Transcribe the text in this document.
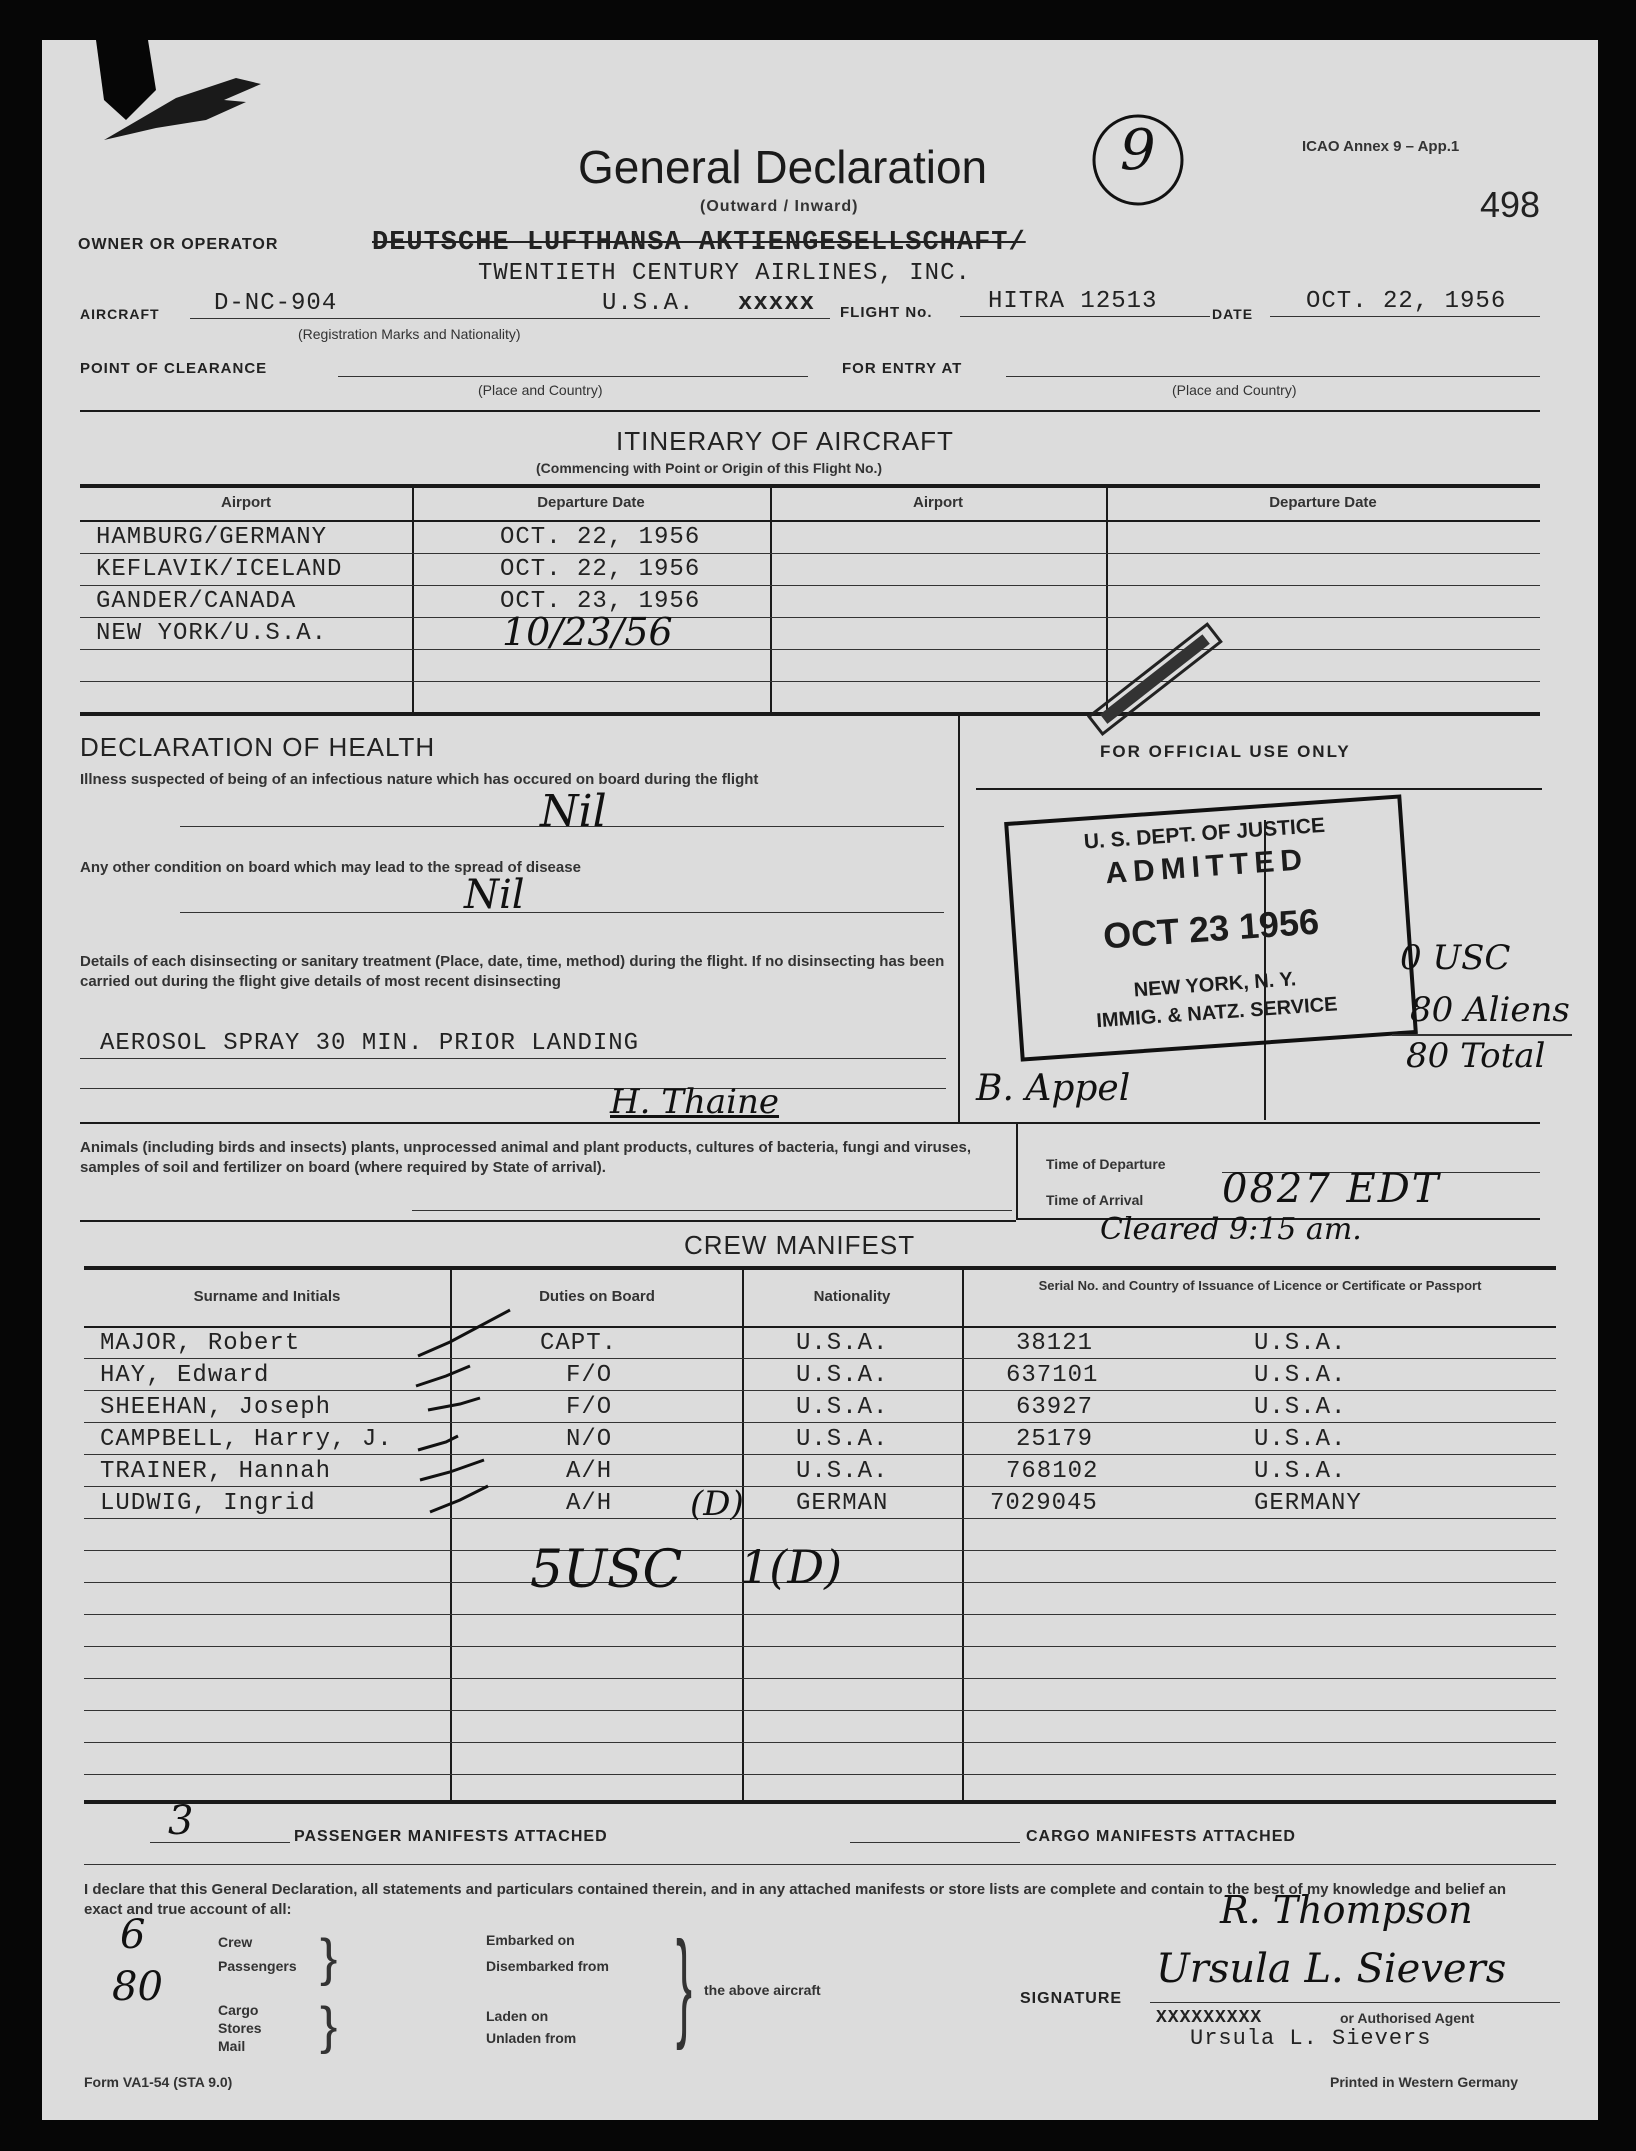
9
General Declaration
(Outward / Inward)
ICAO Annex 9 – App.1
498
OWNER OR OPERATOR	DEUTSCHE LUFTHANSA AKTIENGESELLSCHAFT/
TWENTIETH CENTURY AIRLINES, INC.
AIRCRAFT D-NC-904	U.S.A. xxxxx
(Registration Marks and Nationality)
FLIGHT No. HITRA 12513	DATE OCT. 22, 1956
POINT OF CLEARANCE
(Place and Country)
FOR ENTRY AT
(Place and Country)
ITINERARY OF AIRCRAFT
(Commencing with Point or Origin of this Flight No.)
Airport	Departure Date	Airport	Departure Date
HAMBURG/GERMANY	OCT. 22, 1956
KEFLAVIK/ICELAND	OCT. 22, 1956
GANDER/CANADA	OCT. 23, 1956
NEW YORK/U.S.A.	10/23/56
DECLARATION OF HEALTH
Illness suspected of being of an infectious nature which has occured on board during the flight
Nil
Any other condition on board which may lead to the spread of disease
Nil
Details of each disinsecting or sanitary treatment (Place, date, time, method) during the flight. If no disinsecting has been carried out during the flight give details of most recent disinsecting
AEROSOL SPRAY 30 MIN. PRIOR LANDING
H. Thaine
FOR OFFICIAL USE ONLY
U. S. DEPT. OF JUSTICE
ADMITTED
OCT 23 1956
NEW YORK, N. Y.
IMMIG. & NATZ. SERVICE
0 USC
80 Aliens
80 Total
B. Appel
Animals (including birds and insects) plants, unprocessed animal and plant products, cultures of bacteria, fungi and viruses, samples of soil and fertilizer on board (where required by State of arrival).	Time of Departure
Time of Arrival 0827 EDT
Cleared 9:15 am.
CREW MANIFEST
Surname and Initials	Duties on Board	Nationality
Serial No. and Country of Issuance of Licence or Certificate or Passport
MAJOR, Robert	CAPT.	U.S.A.	38121	U.S.A.
HAY, Edward	F/O	U.S.A.	637101	U.S.A.
SHEEHAN, Joseph	F/O	U.S.A.	63927	U.S.A.
CAMPBELL, Harry, J.	N/O	U.S.A.	25179	U.S.A.
TRAINER, Hannah	A/H	U.S.A.	768102	U.S.A.
LUDWIG, Ingrid	A/H	GERMAN	7029045	GERMANY
5USC 1(D)
(D)
3	PASSENGER MANIFESTS ATTACHED	CARGO MANIFESTS ATTACHED
I declare that this General Declaration, all statements and particulars contained therein, and in any attached manifests or store lists are complete and contain to the best of my knowledge and belief an exact and true account of all:
6
80
Crew
Passengers
Cargo
Stores
Mail
}
}
Embarked on
Disembarked from
Laden on
Unladen from } the above aircraft	SIGNATURE
R. Thompson
Ursula L. Sievers
XXXXXXXXX	or Authorised Agent
Ursula L. Sievers
Form VA1-54 (STA 9.0)	Printed in Western Germany
